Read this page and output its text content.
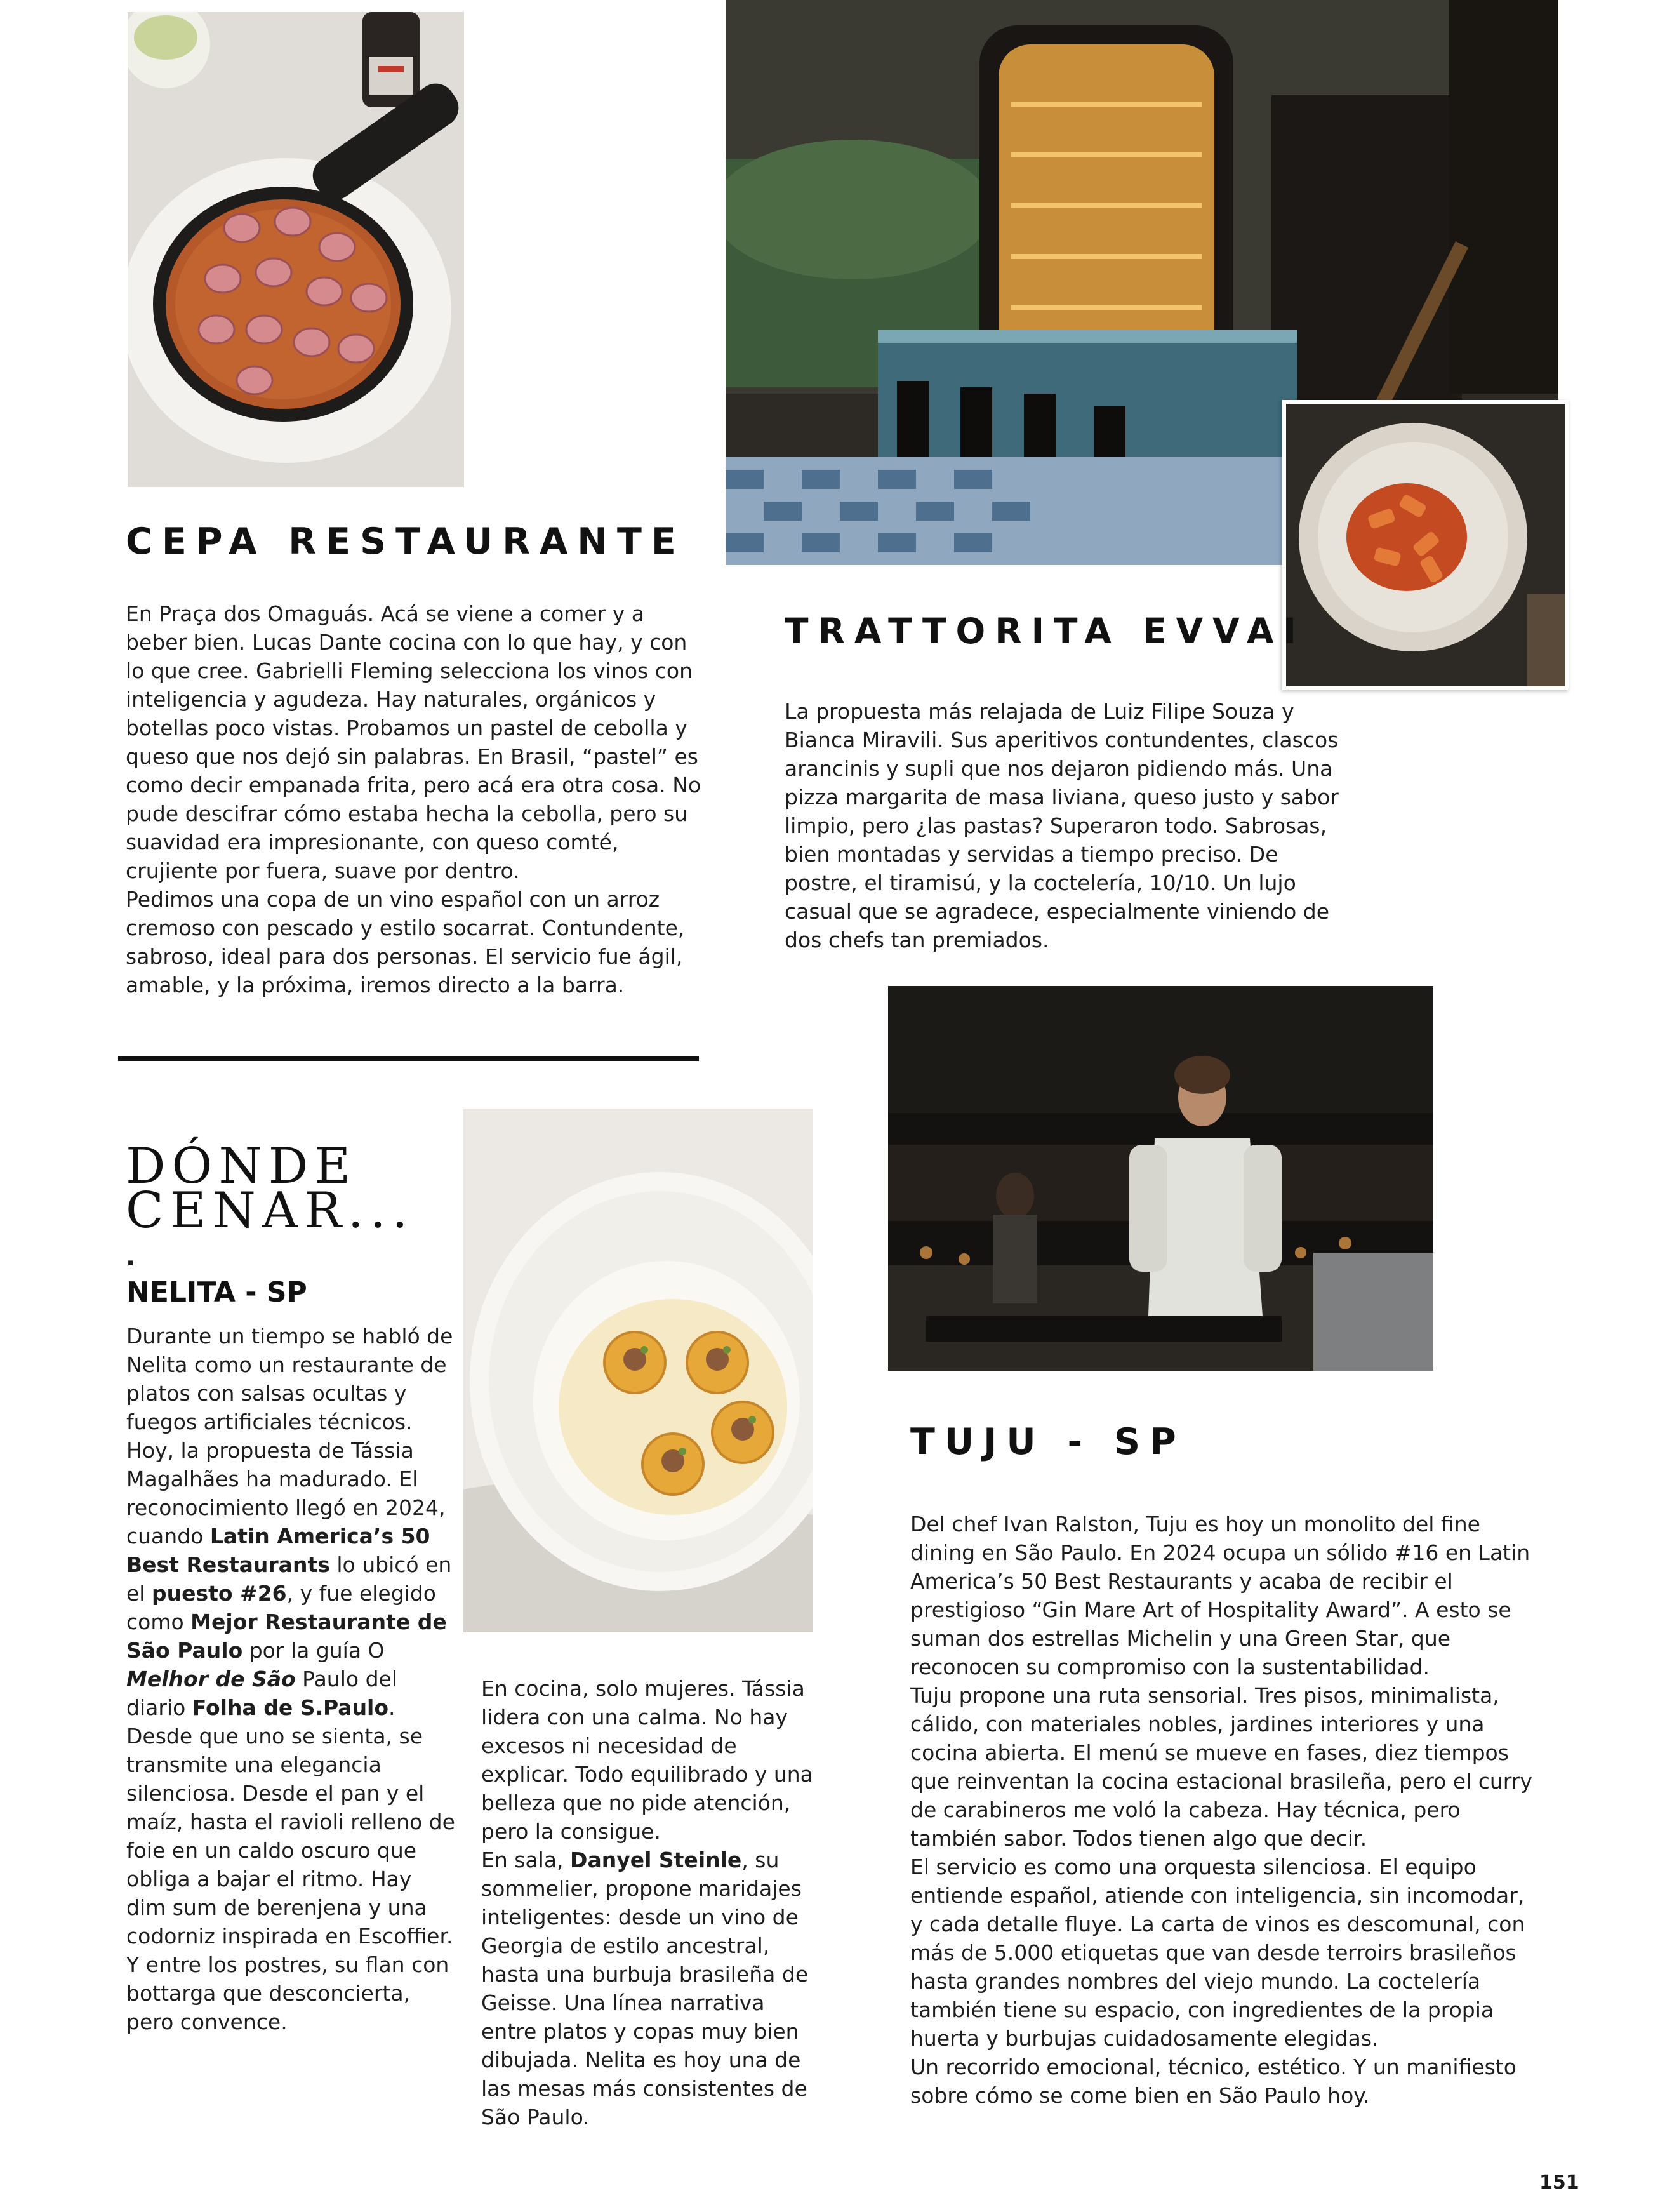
CEPA RESTAURANTE

En Praça dos Omaguás. Acá se viene a comer y a beber bien. Lucas Dante cocina con lo que hay, y con lo que cree. Gabrielli Fleming selecciona los vinos con inteligencia y agudeza. Hay naturales, orgánicos y botellas poco vistas. Probamos un pastel de cebolla y queso que nos dejó sin palabras. En Brasil, “pastel” es como decir empanada frita, pero acá era otra cosa. No pude descifrar cómo estaba hecha la cebolla, pero su suavidad era impresionante, con queso comté, crujiente por fuera, suave por dentro.

Pedimos una copa de un vino español con un arroz cremoso con pescado y estilo socarrat. Contundente, sabroso, ideal para dos personas. El servicio fue ágil, amable, y la próxima, iremos directo a la barra.

TRATTORITA EVVAI

La propuesta más relajada de Luiz Filipe Souza y Bianca Miravili. Sus aperitivos contundentes, clascos arancinis y supli que nos dejaron pidiendo más. Una pizza margarita de masa liviana, queso justo y sabor limpio, pero ¿las pastas? Superaron todo. Sabrosas, bien montadas y servidas a tiempo preciso. De postre, el tiramisú, y la coctelería, 10/10. Un lujo casual que se agradece, especialmente viniendo de dos chefs tan premiados.

DÓNDE
CENAR...
.
NELITA - SP

Durante un tiempo se habló de Nelita como un restaurante de platos con salsas ocultas y fuegos artificiales técnicos. Hoy, la propuesta de Tássia Magalhães ha madurado. El reconocimiento llegó en 2024, cuando Latin America’s 50 Best Restaurants lo ubicó en el puesto #26, y fue elegido como Mejor Restaurante de São Paulo por la guía O Melhor de São Paulo del diario Folha de S.Paulo.

Desde que uno se sienta, se transmite una elegancia silenciosa. Desde el pan y el maíz, hasta el ravioli relleno de foie en un caldo oscuro que obliga a bajar el ritmo. Hay dim sum de berenjena y una codorniz inspirada en Escoffier. Y entre los postres, su flan con bottarga que desconcierta, pero convence.

En cocina, solo mujeres. Tássia lidera con una calma. No hay excesos ni necesidad de explicar. Todo equilibrado y una belleza que no pide atención, pero la consigue.

En sala, Danyel Steinle, su sommelier, propone maridajes inteligentes: desde un vino de Georgia de estilo ancestral, hasta una burbuja brasileña de Geisse. Una línea narrativa entre platos y copas muy bien dibujada. Nelita es hoy una de las mesas más consistentes de São Paulo.

TUJU - SP

Del chef Ivan Ralston, Tuju es hoy un monolito del fine dining en São Paulo. En 2024 ocupa un sólido #16 en Latin America’s 50 Best Restaurants y acaba de recibir el prestigioso “Gin Mare Art of Hospitality Award”. A esto se suman dos estrellas Michelin y una Green Star, que reconocen su compromiso con la sustentabilidad.

Tuju propone una ruta sensorial. Tres pisos, minimalista, cálido, con materiales nobles, jardines interiores y una cocina abierta. El menú se mueve en fases, diez tiempos que reinventan la cocina estacional brasileña, pero el curry de carabineros me voló la cabeza. Hay técnica, pero también sabor. Todos tienen algo que decir.

El servicio es como una orquesta silenciosa. El equipo entiende español, atiende con inteligencia, sin incomodar, y cada detalle fluye. La carta de vinos es descomunal, con más de 5.000 etiquetas que van desde terroirs brasileños hasta grandes nombres del viejo mundo. La coctelería también tiene su espacio, con ingredientes de la propia huerta y burbujas cuidadosamente elegidas.

Un recorrido emocional, técnico, estético. Y un manifiesto sobre cómo se come bien en São Paulo hoy.

151
